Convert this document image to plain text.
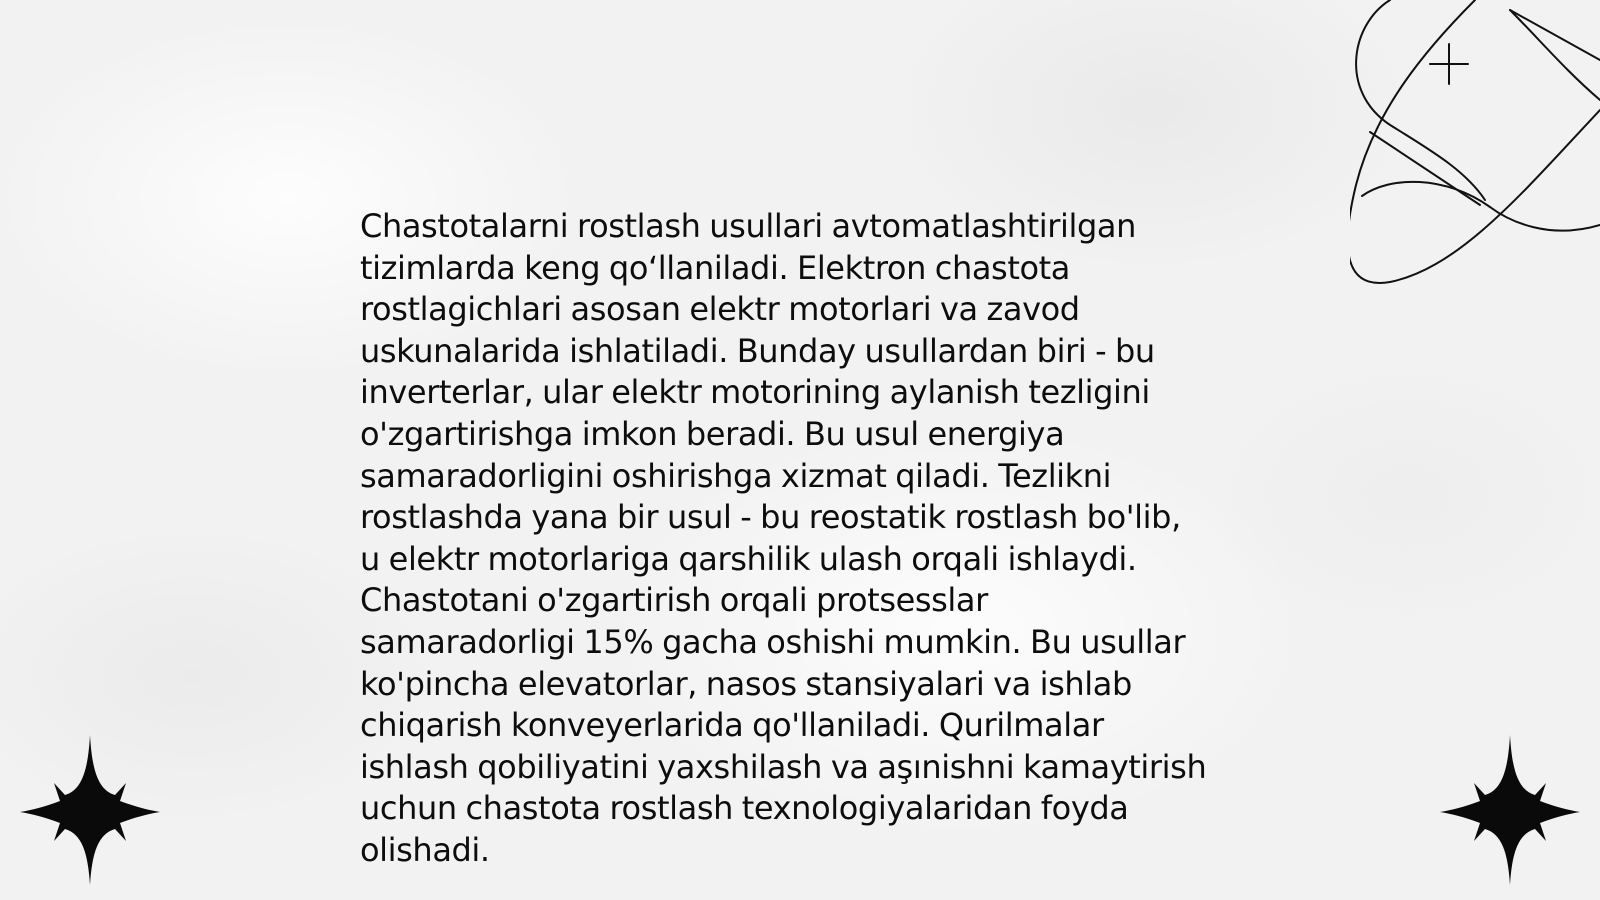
Chastotalarni rostlash usullari avtomatlashtirilgan
tizimlarda keng qo‘llaniladi. Elektron chastota
rostlagichlari asosan elektr motorlari va zavod
uskunalarida ishlatiladi. Bunday usullardan biri - bu
inverterlar, ular elektr motorining aylanish tezligini
o'zgartirishga imkon beradi. Bu usul energiya
samaradorligini oshirishga xizmat qiladi. Tezlikni
rostlashda yana bir usul - bu reostatik rostlash bo'lib,
u elektr motorlariga qarshilik ulash orqali ishlaydi.
Chastotani o'zgartirish orqali protsesslar
samaradorligi 15% gacha oshishi mumkin. Bu usullar
ko'pincha elevatorlar, nasos stansiyalari va ishlab
chiqarish konveyerlarida qo'llaniladi. Qurilmalar
ishlash qobiliyatini yaxshilash va aşınishni kamaytirish
uchun chastota rostlash texnologiyalaridan foyda
olishadi.
